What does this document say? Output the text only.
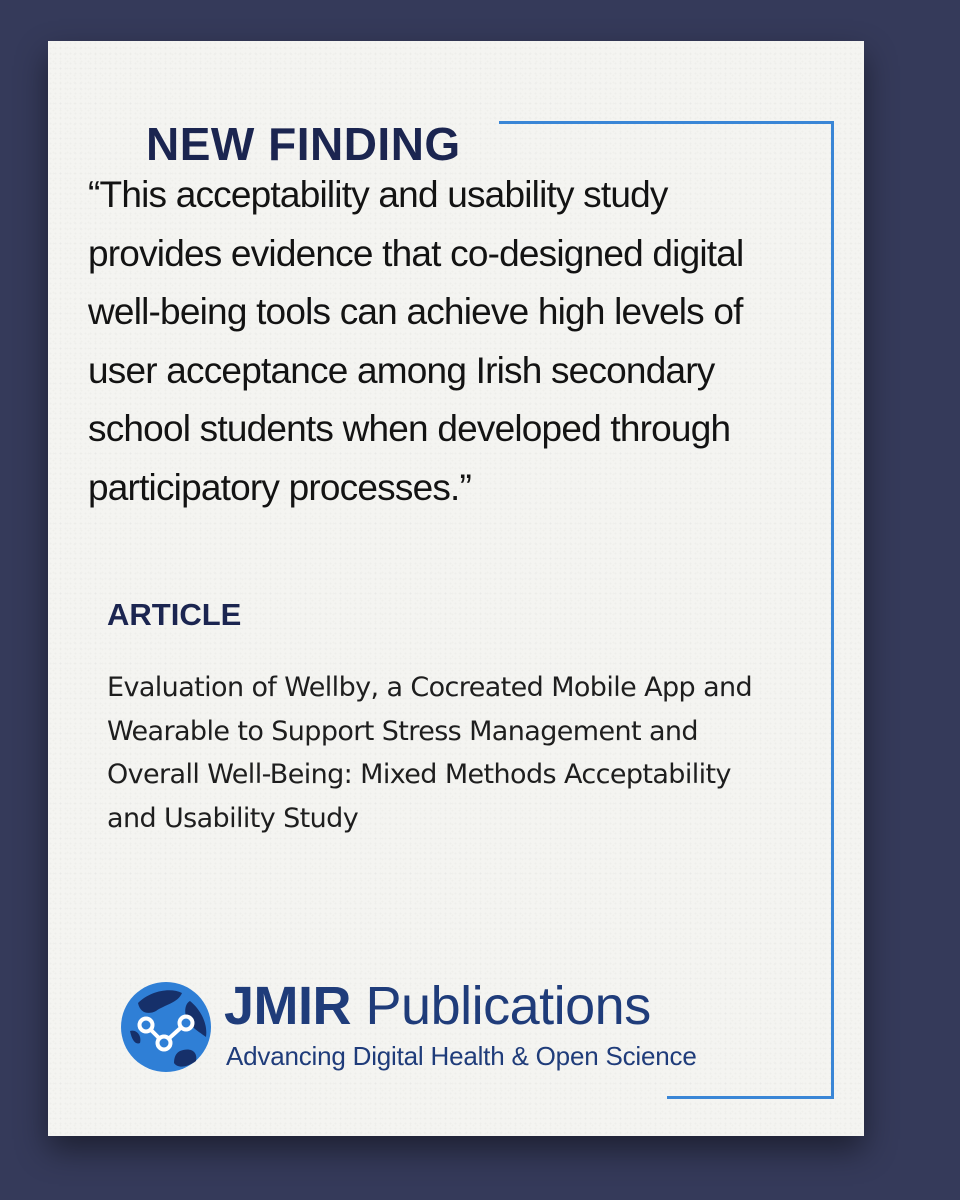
NEW FINDING

“This acceptability and usability study provides evidence that co-designed digital well-being tools can achieve high levels of user acceptance among Irish secondary school students when developed through participatory processes.”

ARTICLE

Evaluation of Wellby, a Cocreated Mobile App and Wearable to Support Stress Management and Overall Well-Being: Mixed Methods Acceptability and Usability Study

JMIR Publications
Advancing Digital Health & Open Science
